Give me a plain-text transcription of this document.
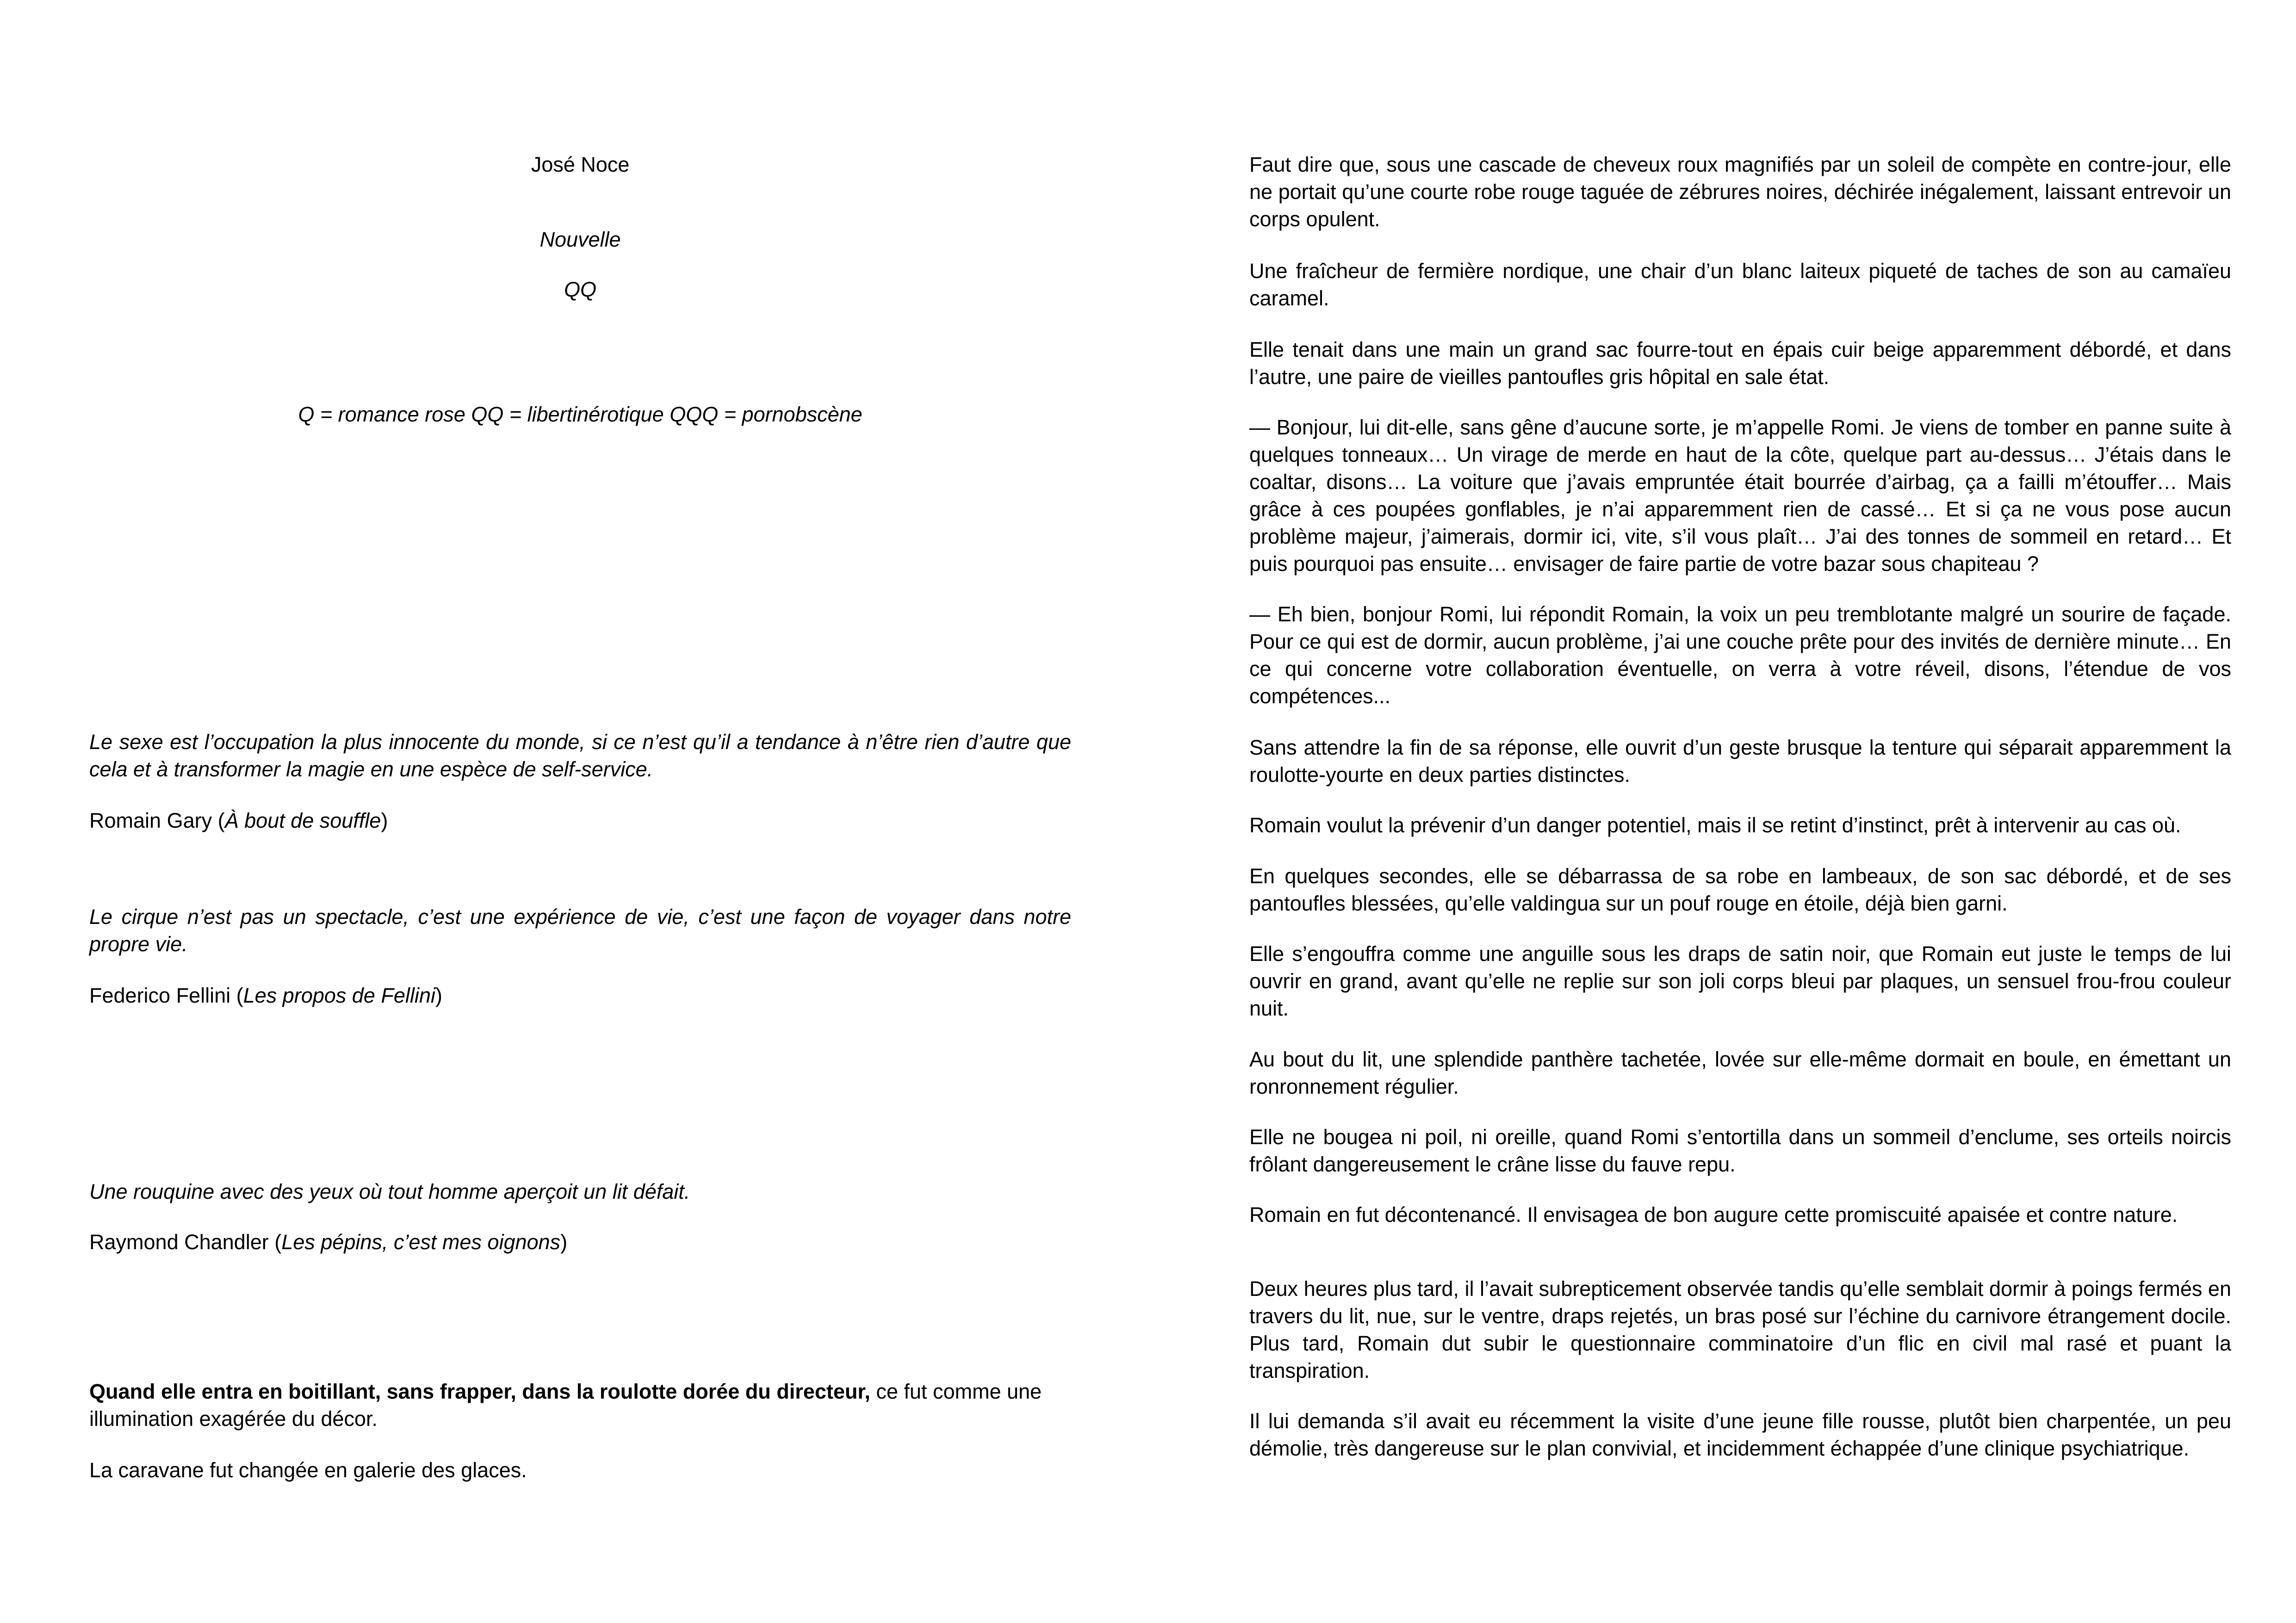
José Noce

Nouvelle

QQ

Q = romance rose QQ = libertinérotique QQQ = pornobscène

Le sexe est l’occupation la plus innocente du monde, si ce n’est qu’il a tendance à n’être rien d’autre que cela et à transformer la magie en une espèce de self-service.

Romain Gary (À bout de souffle)

Le cirque n’est pas un spectacle, c’est une expérience de vie, c’est une façon de voyager dans notre propre vie.

Federico Fellini (Les propos de Fellini)

Une rouquine avec des yeux où tout homme aperçoit un lit défait.

Raymond Chandler (Les pépins, c’est mes oignons)

Quand elle entra en boitillant, sans frapper, dans la roulotte dorée du directeur, ce fut comme une illumination exagérée du décor.

La caravane fut changée en galerie des glaces.

Faut dire que, sous une cascade de cheveux roux magnifiés par un soleil de compète en contre-jour, elle ne portait qu’une courte robe rouge taguée de zébrures noires, déchirée inégalement, laissant entrevoir un corps opulent.

Une fraîcheur de fermière nordique, une chair d’un blanc laiteux piqueté de taches de son au camaïeu caramel.

Elle tenait dans une main un grand sac fourre-tout en épais cuir beige apparemment débordé, et dans l’autre, une paire de vieilles pantoufles gris hôpital en sale état.

— Bonjour, lui dit-elle, sans gêne d’aucune sorte, je m’appelle Romi. Je viens de tomber en panne suite à quelques tonneaux… Un virage de merde en haut de la côte, quelque part au-dessus… J’étais dans le coaltar, disons… La voiture que j’avais empruntée était bourrée d’airbag, ça a failli m’étouffer… Mais grâce à ces poupées gonflables, je n’ai apparemment rien de cassé… Et si ça ne vous pose aucun problème majeur, j’aimerais, dormir ici, vite, s’il vous plaît… J’ai des tonnes de sommeil en retard… Et puis pourquoi pas ensuite… envisager de faire partie de votre bazar sous chapiteau ?

— Eh bien, bonjour Romi, lui répondit Romain, la voix un peu tremblotante malgré un sourire de façade. Pour ce qui est de dormir, aucun problème, j’ai une couche prête pour des invités de dernière minute… En ce qui concerne votre collaboration éventuelle, on verra à votre réveil, disons, l’étendue de vos compétences...

Sans attendre la fin de sa réponse, elle ouvrit d’un geste brusque la tenture qui séparait apparemment la roulotte-yourte en deux parties distinctes.

Romain voulut la prévenir d’un danger potentiel, mais il se retint d’instinct, prêt à intervenir au cas où.

En quelques secondes, elle se débarrassa de sa robe en lambeaux, de son sac débordé, et de ses pantoufles blessées, qu’elle valdingua sur un pouf rouge en étoile, déjà bien garni.

Elle s’engouffra comme une anguille sous les draps de satin noir, que Romain eut juste le temps de lui ouvrir en grand, avant qu’elle ne replie sur son joli corps bleui par plaques, un sensuel frou-frou couleur nuit.

Au bout du lit, une splendide panthère tachetée, lovée sur elle-même dormait en boule, en émettant un ronronnement régulier.

Elle ne bougea ni poil, ni oreille, quand Romi s’entortilla dans un sommeil d’enclume, ses orteils noircis frôlant dangereusement le crâne lisse du fauve repu.

Romain en fut décontenancé. Il envisagea de bon augure cette promiscuité apaisée et contre nature.

Deux heures plus tard, il l’avait subrepticement observée tandis qu’elle semblait dormir à poings fermés en travers du lit, nue, sur le ventre, draps rejetés, un bras posé sur l’échine du carnivore étrangement docile. Plus tard, Romain dut subir le questionnaire comminatoire d’un flic en civil mal rasé et puant la transpiration.

Il lui demanda s’il avait eu récemment la visite d’une jeune fille rousse, plutôt bien charpentée, un peu démolie, très dangereuse sur le plan convivial, et incidemment échappée d’une clinique psychiatrique.
